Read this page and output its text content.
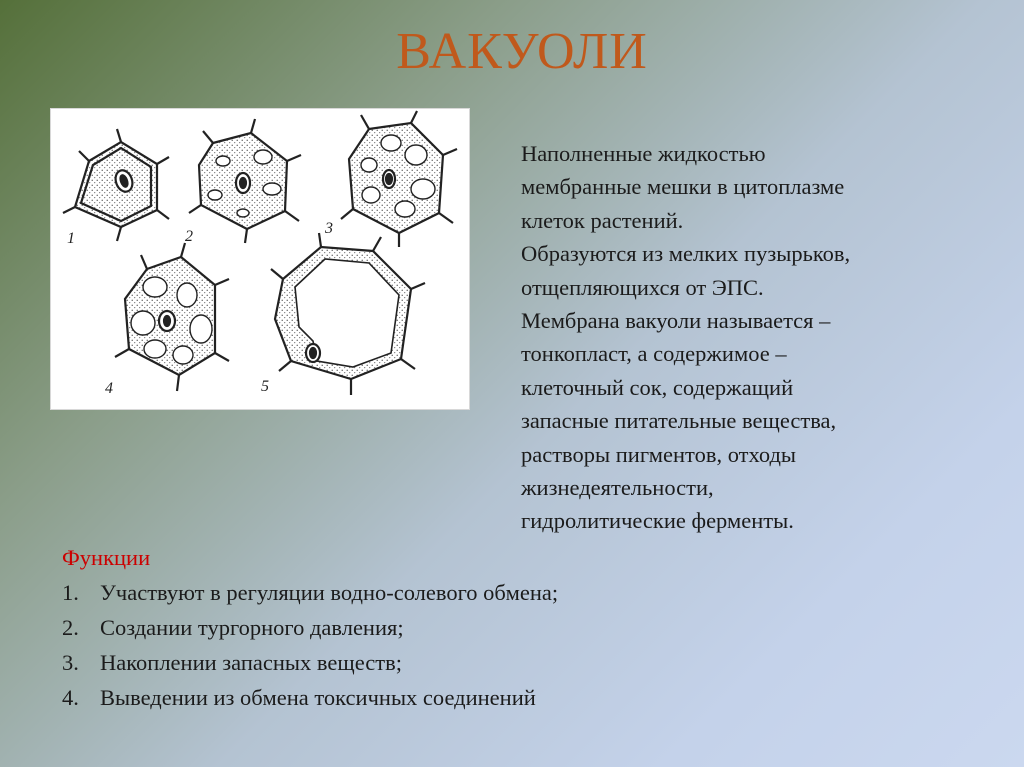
ВАКУОЛИ
1	2	3
4	5
Наполненные жидкостью
мембранные мешки в цитоплазме
клеток растений.
Образуются из мелких пузырьков,
отщепляющихся от ЭПС.
Мембрана вакуоли называется –
тонкопласт, а содержимое –
клеточный сок, содержащий
запасные питательные вещества,
растворы пигментов, отходы
жизнедеятельности,
гидролитические ферменты.
Функции
1. Участвуют в регуляции водно-солевого обмена;
2. Создании тургорного давления;
3. Накоплении запасных веществ;
4. Выведении из обмена токсичных соединений
